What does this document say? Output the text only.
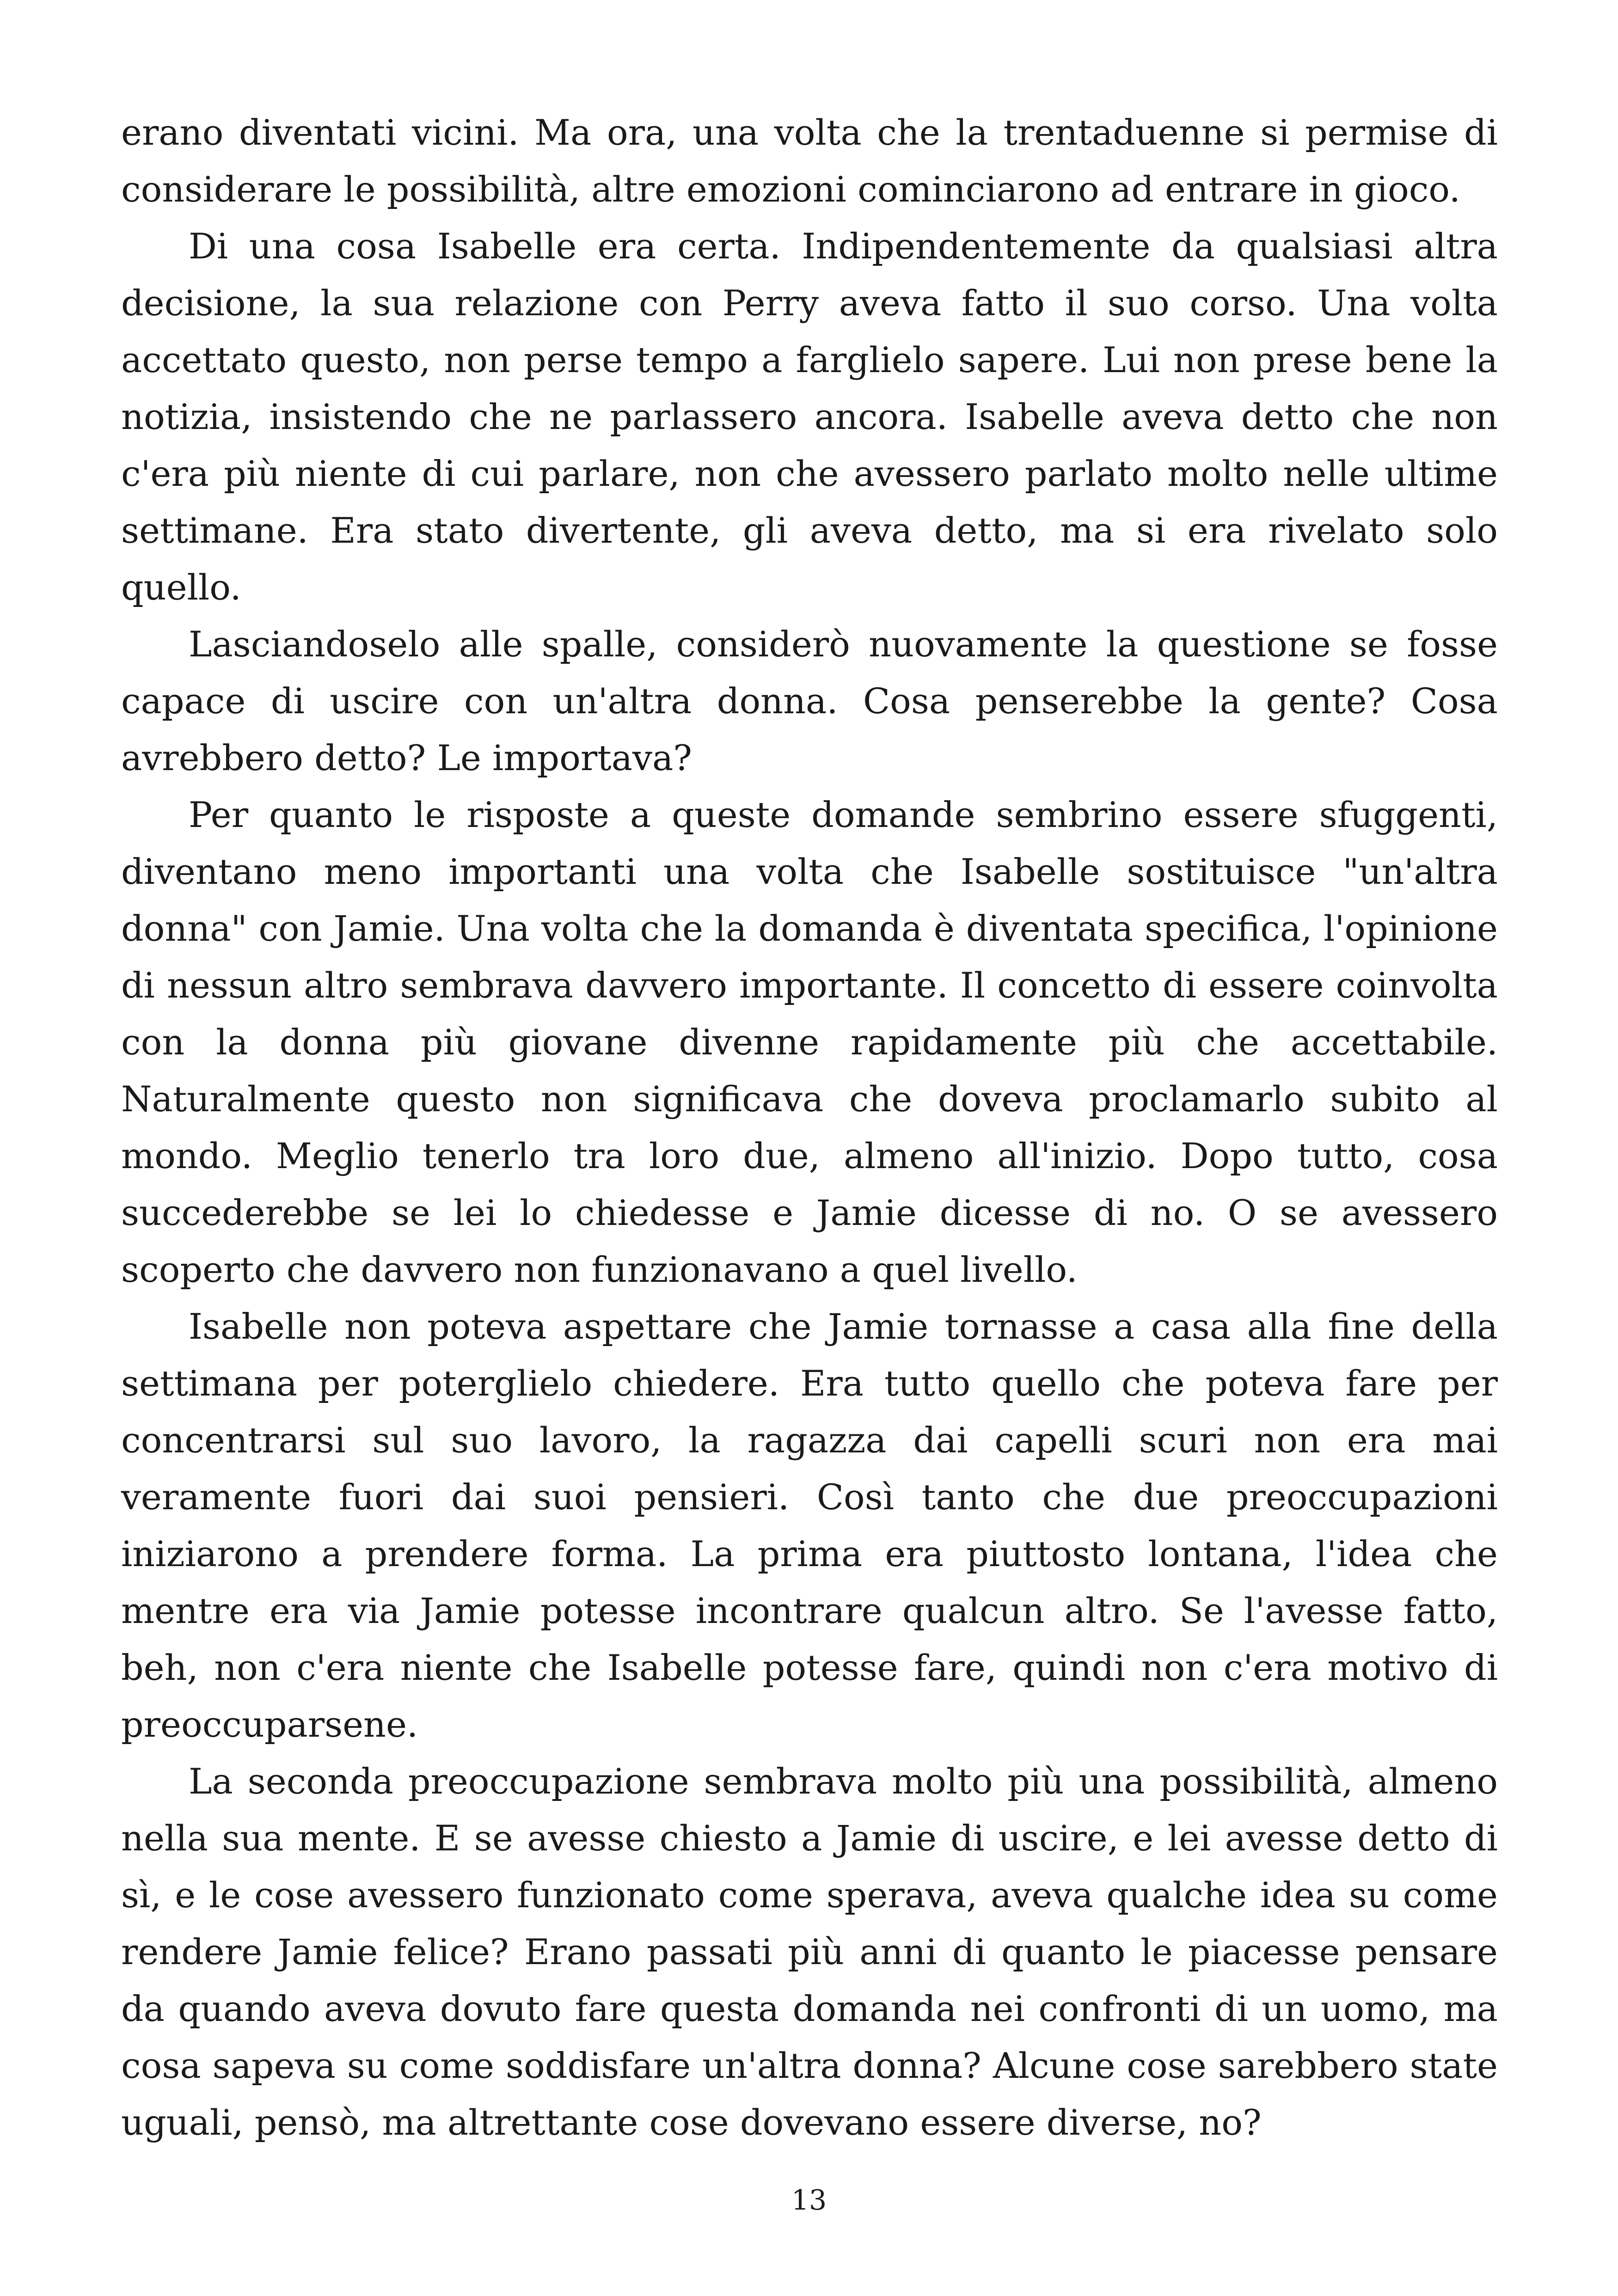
erano diventati vicini. Ma ora, una volta che la trentaduenne si permise di considerare le possibilità, altre emozioni cominciarono ad entrare in gioco.

Di una cosa Isabelle era certa. Indipendentemente da qualsiasi altra decisione, la sua relazione con Perry aveva fatto il suo corso. Una volta accettato questo, non perse tempo a farglielo sapere. Lui non prese bene la notizia, insistendo che ne parlassero ancora. Isabelle aveva detto che non c'era più niente di cui parlare, non che avessero parlato molto nelle ultime settimane. Era stato divertente, gli aveva detto, ma si era rivelato solo quello.

Lasciandoselo alle spalle, considerò nuovamente la questione se fosse capace di uscire con un'altra donna. Cosa penserebbe la gente? Cosa avrebbero detto? Le importava?

Per quanto le risposte a queste domande sembrino essere sfuggenti, diventano meno importanti una volta che Isabelle sostituisce "un'altra donna" con Jamie. Una volta che la domanda è diventata specifica, l'opinione di nessun altro sembrava davvero importante. Il concetto di essere coinvolta con la donna più giovane divenne rapidamente più che accettabile. Naturalmente questo non significava che doveva proclamarlo subito al mondo. Meglio tenerlo tra loro due, almeno all'inizio. Dopo tutto, cosa succederebbe se lei lo chiedesse e Jamie dicesse di no. O se avessero scoperto che davvero non funzionavano a quel livello.

Isabelle non poteva aspettare che Jamie tornasse a casa alla fine della settimana per poterglielo chiedere. Era tutto quello che poteva fare per concentrarsi sul suo lavoro, la ragazza dai capelli scuri non era mai veramente fuori dai suoi pensieri. Così tanto che due preoccupazioni iniziarono a prendere forma. La prima era piuttosto lontana, l'idea che mentre era via Jamie potesse incontrare qualcun altro. Se l'avesse fatto, beh, non c'era niente che Isabelle potesse fare, quindi non c'era motivo di preoccuparsene.

La seconda preoccupazione sembrava molto più una possibilità, almeno nella sua mente. E se avesse chiesto a Jamie di uscire, e lei avesse detto di sì, e le cose avessero funzionato come sperava, aveva qualche idea su come rendere Jamie felice? Erano passati più anni di quanto le piacesse pensare da quando aveva dovuto fare questa domanda nei confronti di un uomo, ma cosa sapeva su come soddisfare un'altra donna? Alcune cose sarebbero state uguali, pensò, ma altrettante cose dovevano essere diverse, no?

13
